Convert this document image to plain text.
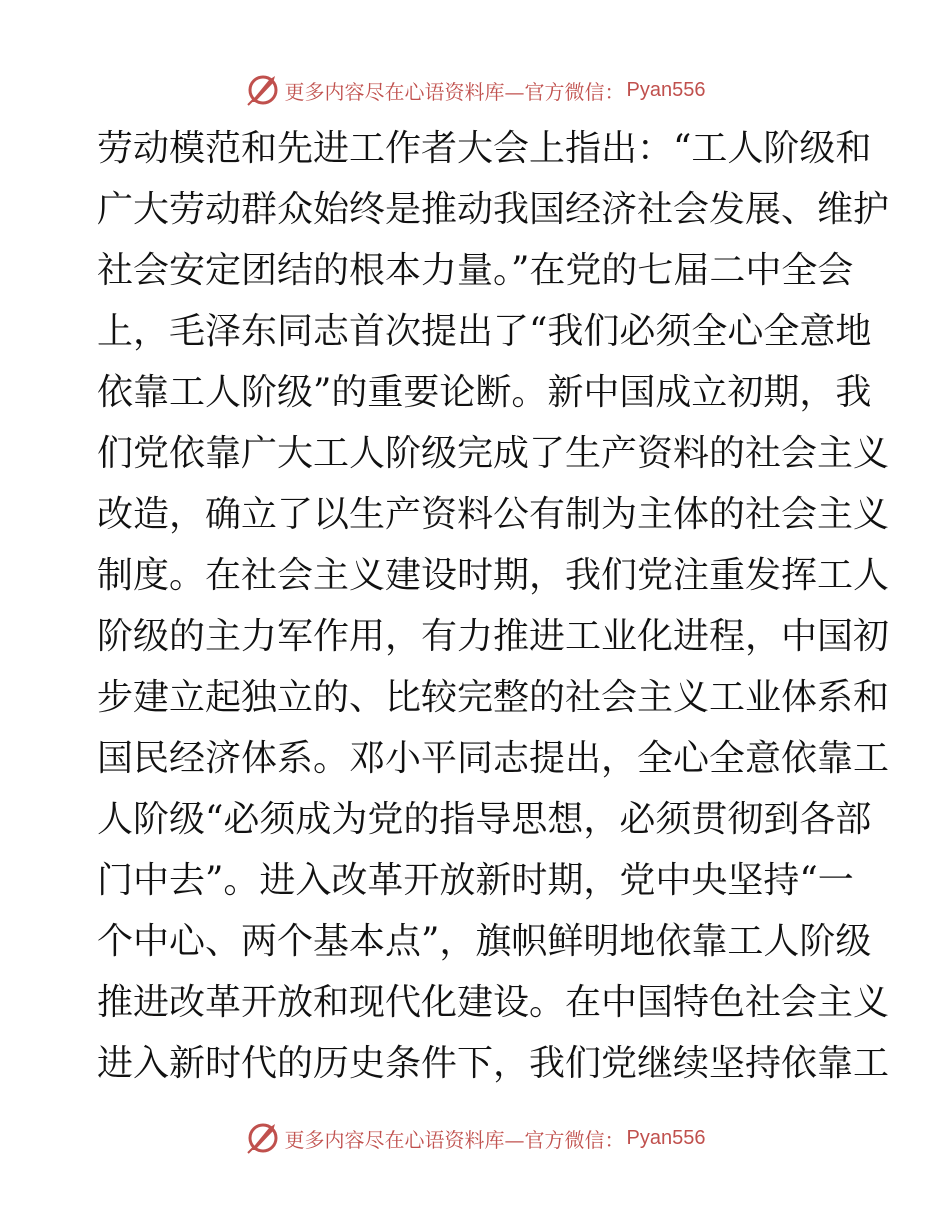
更多内容尽在心语资料库—官方微信： Pyan556
劳动模范和先进工作者大会上指出：“工人阶级和
广大劳动群众始终是推动我国经济社会发展、维护
社会安定团结的根本力量。”在党的七届二中全会
上，毛泽东同志首次提出了“我们必须全心全意地
依靠工人阶级”的重要论断。新中国成立初期，我
们党依靠广大工人阶级完成了生产资料的社会主义
改造，确立了以生产资料公有制为主体的社会主义
制度。在社会主义建设时期，我们党注重发挥工人
阶级的主力军作用，有力推进工业化进程，中国初
步建立起独立的、比较完整的社会主义工业体系和
国民经济体系。邓小平同志提出，全心全意依靠工
人阶级“必须成为党的指导思想，必须贯彻到各部
门中去”。进入改革开放新时期，党中央坚持“一
个中心、两个基本点”，旗帜鲜明地依靠工人阶级
推进改革开放和现代化建设。在中国特色社会主义
进入新时代的历史条件下，我们党继续坚持依靠工
更多内容尽在心语资料库—官方微信： Pyan556
